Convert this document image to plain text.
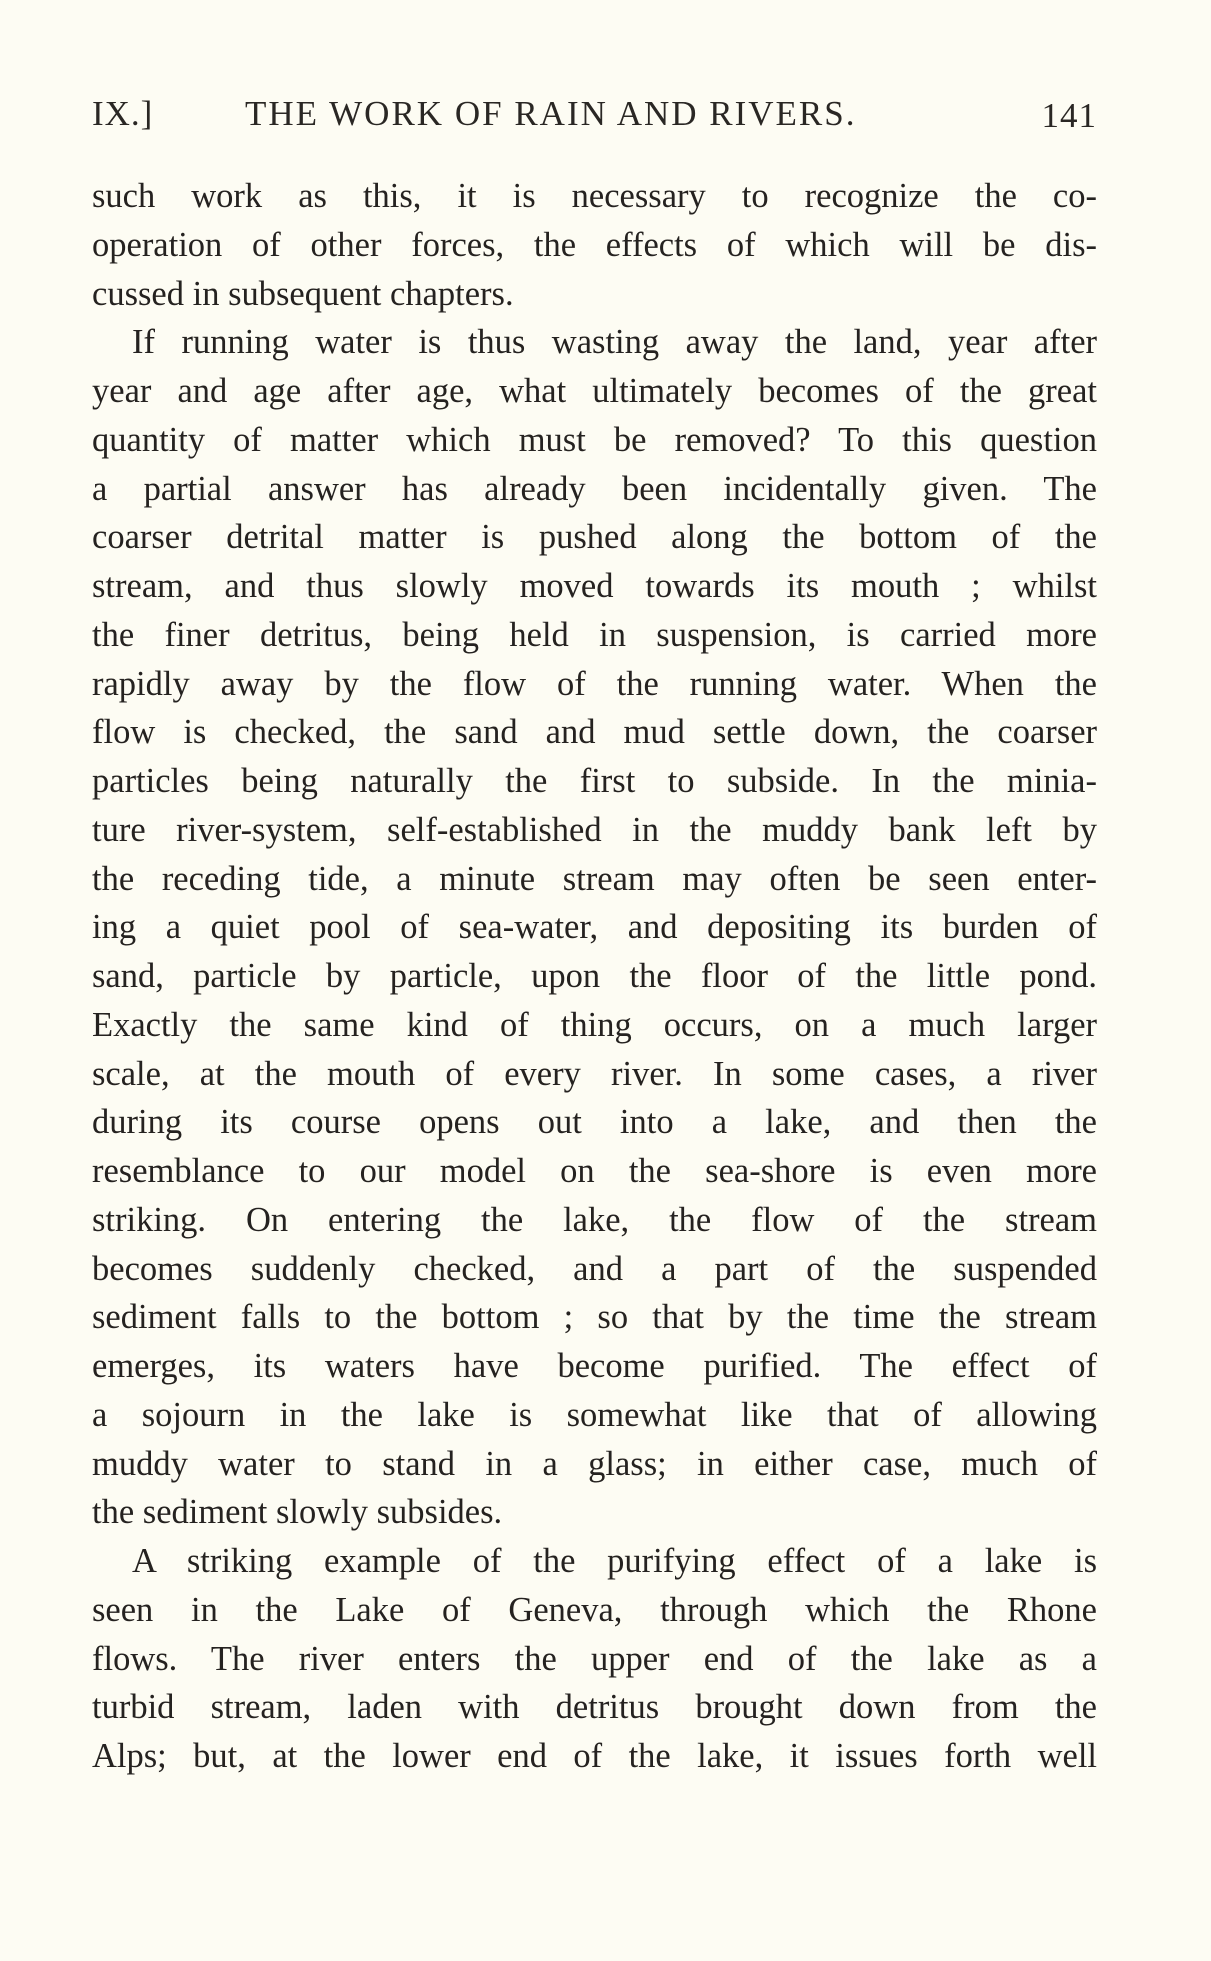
IX.]	THE WORK OF RAIN AND RIVERS.	141
such work as this, it is necessary to recognize the co-
operation of other forces, the effects of which will be dis-
cussed in subsequent chapters.
If running water is thus wasting away the land, year after
year and age after age, what ultimately becomes of the great
quantity of matter which must be removed? To this question
a partial answer has already been incidentally given. The
coarser detrital matter is pushed along the bottom of the
stream, and thus slowly moved towards its mouth ; whilst
the finer detritus, being held in suspension, is carried more
rapidly away by the flow of the running water. When the
flow is checked, the sand and mud settle down, the coarser
particles being naturally the first to subside. In the minia-
ture river-system, self-established in the muddy bank left by
the receding tide, a minute stream may often be seen enter-
ing a quiet pool of sea-water, and depositing its burden of
sand, particle by particle, upon the floor of the little pond.
Exactly the same kind of thing occurs, on a much larger
scale, at the mouth of every river. In some cases, a river
during its course opens out into a lake, and then the
resemblance to our model on the sea-shore is even more
striking. On entering the lake, the flow of the stream
becomes suddenly checked, and a part of the suspended
sediment falls to the bottom ; so that by the time the stream
emerges, its waters have become purified. The effect of
a sojourn in the lake is somewhat like that of allowing
muddy water to stand in a glass; in either case, much of
the sediment slowly subsides.
A striking example of the purifying effect of a lake is
seen in the Lake of Geneva, through which the Rhone
flows. The river enters the upper end of the lake as a
turbid stream, laden with detritus brought down from the
Alps; but, at the lower end of the lake, it issues forth well
